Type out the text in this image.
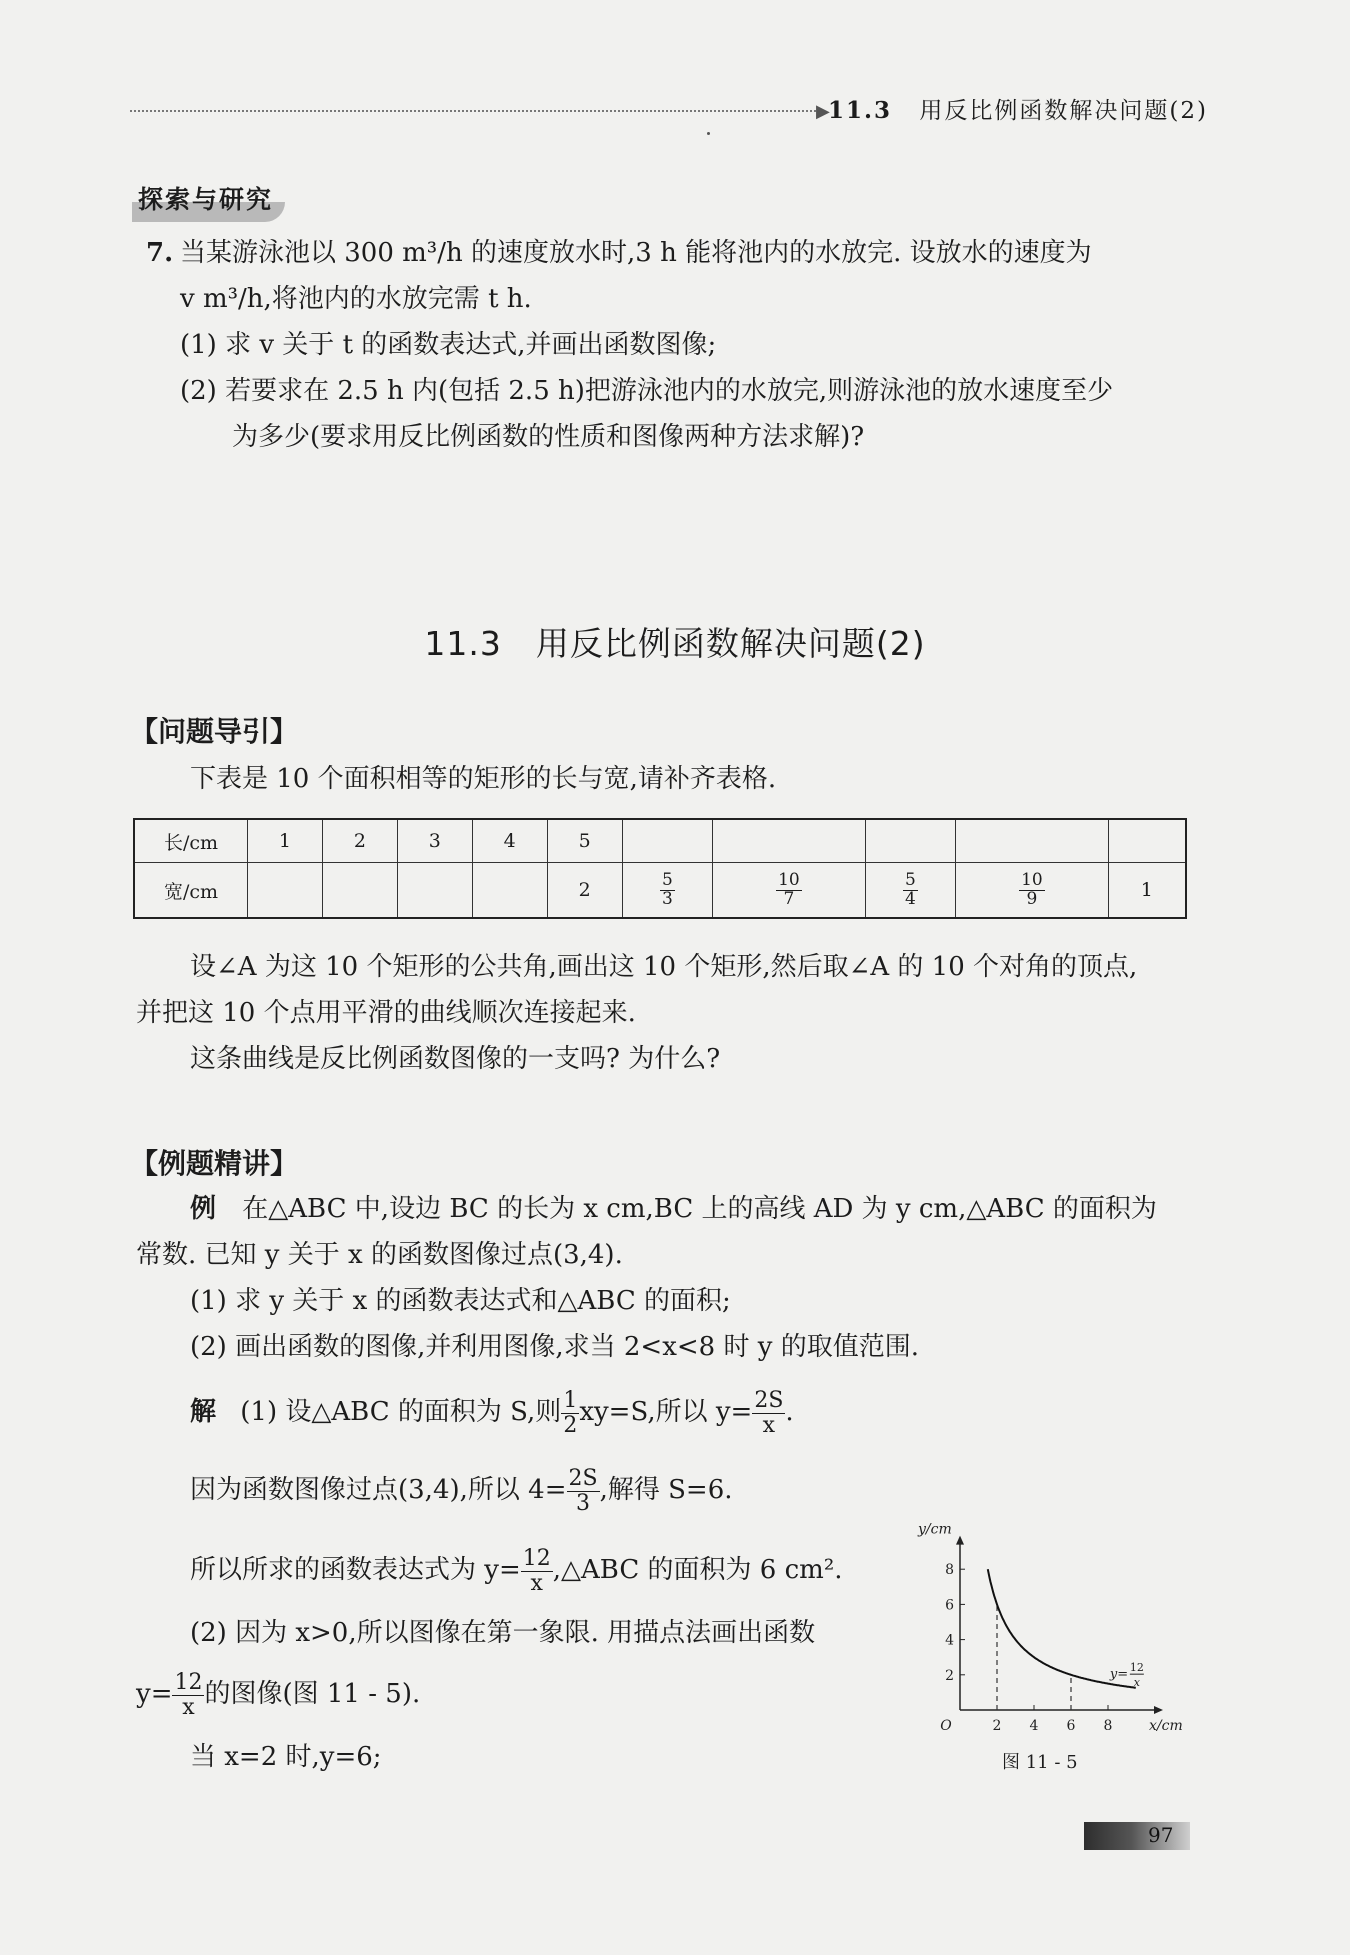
▶
11.3 用反比例函数解决问题(2)
探索与研究
7. 当某游泳池以 300 m³/h 的速度放水时,3 h 能将池内的水放完. 设放水的速度为
v m³/h,将池内的水放完需 t h.
(1) 求 v 关于 t 的函数表达式,并画出函数图像;
(2) 若要求在 2.5 h 内(包括 2.5 h)把游泳池内的水放完,则游泳池的放水速度至少
为多少(要求用反比例函数的性质和图像两种方法求解)?
11.3　用反比例函数解决问题(2)
【问题导引】
下表是 10 个面积相等的矩形的长与宽,请补齐表格.
长/cm	1	2	3	4	5					
宽/cm					2	$\frac{5}{3}$	$\frac{10}{7}$	$\frac{5}{4}$	$\frac{10}{9}$	1
设∠A 为这 10 个矩形的公共角,画出这 10 个矩形,然后取∠A 的 10 个对角的顶点,
并把这 10 个点用平滑的曲线顺次连接起来.
这条曲线是反比例函数图像的一支吗? 为什么?
【例题精讲】
例 在△ABC 中,设边 BC 的长为 x cm,BC 上的高线 AD 为 y cm,△ABC 的面积为
常数. 已知 y 关于 x 的函数图像过点(3,4).
(1) 求 y 关于 x 的函数表达式和△ABC 的面积;
(2) 画出函数的图像,并利用图像,求当 2<x<8 时 y 的取值范围.
解 (1) 设△ABC 的面积为 S,则 $\frac{1}{2} xy=S$,所以 $y= \frac{2S}{x}$ .
因为函数图像过点(3,4),所以 $4= \frac{2S}{3}$ ,解得 S=6.
所以所求的函数表达式为 $y= \frac{12}{x}$ ,△ABC 的面积为 6 cm².
(2) 因为 x>0,所以图像在第一象限. 用描点法画出函数
$y= \frac{12}{x}$ 的图像(图 11 - 5).
当 x=2 时,y=6;
2 4 6 8
2
4
6
8
O	x/cm
y/cm
y= 12
x
图 11 - 5
97
